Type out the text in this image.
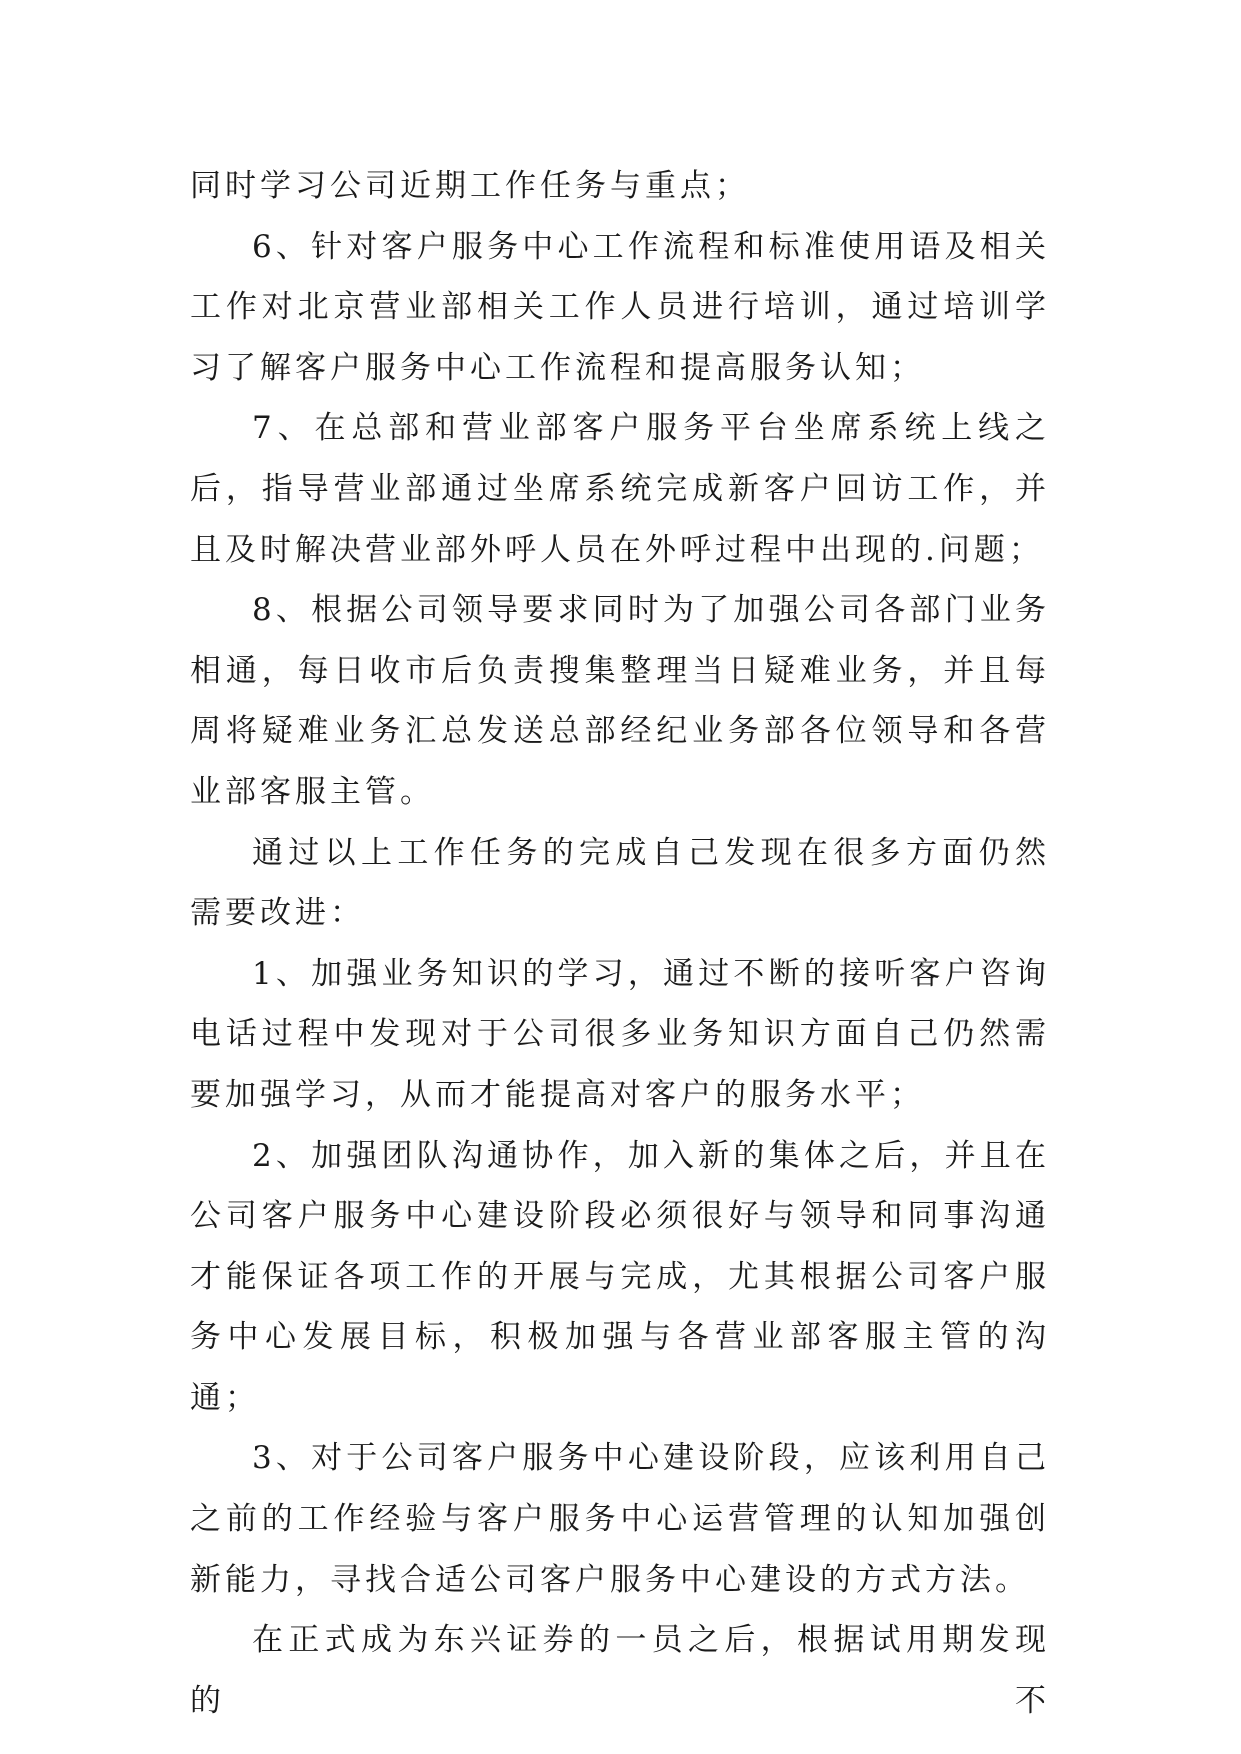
同时学习公司近期工作任务与重点；

6、针对客户服务中心工作流程和标准使用语及相关工作对北京营业部相关工作人员进行培训，通过培训学习了解客户服务中心工作流程和提高服务认知；

7、在总部和营业部客户服务平台坐席系统上线之后，指导营业部通过坐席系统完成新客户回访工作，并且及时解决营业部外呼人员在外呼过程中出现的.问题；

8、根据公司领导要求同时为了加强公司各部门业务相通，每日收市后负责搜集整理当日疑难业务，并且每周将疑难业务汇总发送总部经纪业务部各位领导和各营业部客服主管。

通过以上工作任务的完成自己发现在很多方面仍然需要改进：

1、加强业务知识的学习，通过不断的接听客户咨询电话过程中发现对于公司很多业务知识方面自己仍然需要加强学习，从而才能提高对客户的服务水平；

2、加强团队沟通协作，加入新的集体之后，并且在公司客户服务中心建设阶段必须很好与领导和同事沟通才能保证各项工作的开展与完成，尤其根据公司客户服务中心发展目标，积极加强与各营业部客服主管的沟通；

3、对于公司客户服务中心建设阶段，应该利用自己之前的工作经验与客户服务中心运营管理的认知加强创新能力，寻找合适公司客户服务中心建设的方式方法。

在正式成为东兴证券的一员之后，根据试用期发现的不
